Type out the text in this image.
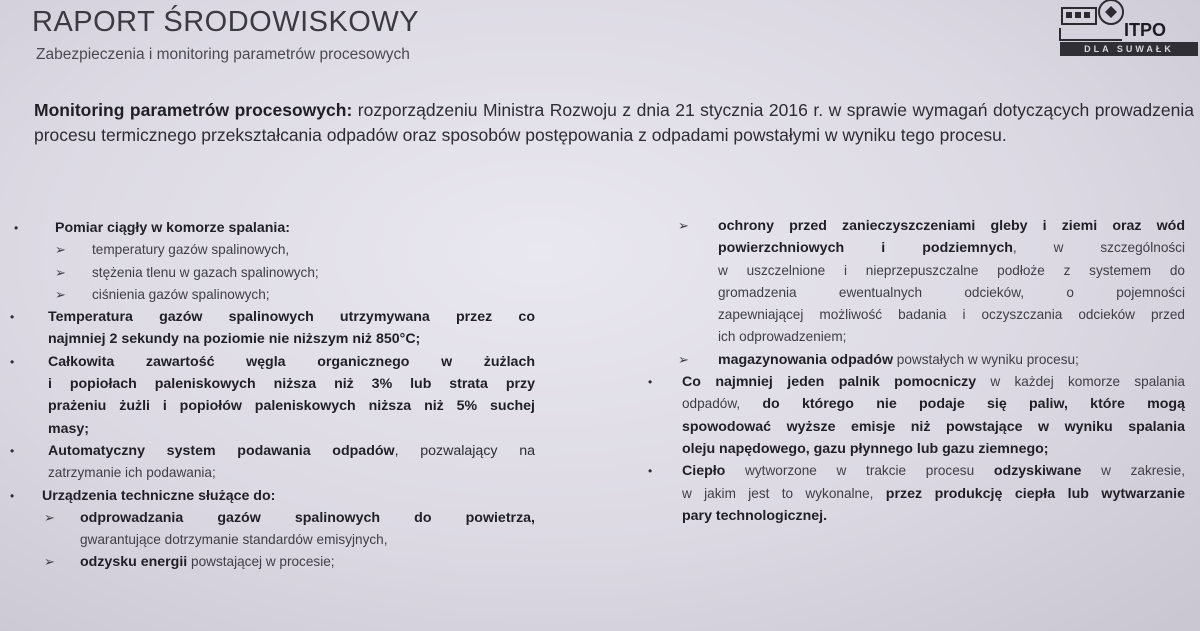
RAPORT ŚRODOWISKOWY
Zabezpieczenia i monitoring parametrów procesowych
ITPO
DLA SUWAŁK
Monitoring parametrów procesowych: rozporządzeniu Ministra Rozwoju z dnia 21 stycznia 2016 r. w sprawie wymagań dotyczących prowadzenia procesu termicznego przekształcania odpadów oraz sposobów postępowania z odpadami powstałymi w wyniku tego procesu.
•	Pomiar ciągły w komorze spalania:
➢	temperatury gazów spalinowych,
➢	stężenia tlenu w gazach spalinowych;
➢	ciśnienia gazów spalinowych;
•	Temperatura gazów spalinowych utrzymywana przez co
najmniej 2 sekundy na poziomie nie niższym niż 850°C;
•	Całkowita zawartość węgla organicznego w żużlach
i popiołach paleniskowych niższa niż 3% lub strata przy
prażeniu żużli i popiołów paleniskowych niższa niż 5% suchej
masy;
•	Automatyczny system podawania odpadów, pozwalający na
zatrzymanie ich podawania;
•	Urządzenia techniczne służące do:
➢	odprowadzania gazów spalinowych do powietrza,
gwarantujące dotrzymanie standardów emisyjnych,
➢	odzysku energii powstającej w procesie;
➢	ochrony przed zanieczyszczeniami gleby i ziemi oraz wód
powierzchniowych i podziemnych, w szczególności
w uszczelnione i nieprzepuszczalne podłoże z systemem do
gromadzenia ewentualnych odcieków, o pojemności
zapewniającej możliwość badania i oczyszczania odcieków przed
ich odprowadzeniem;
➢	magazynowania odpadów powstałych w wyniku procesu;
•	Co najmniej jeden palnik pomocniczy w każdej komorze spalania
odpadów, do którego nie podaje się paliw, które mogą
spowodować wyższe emisje niż powstające w wyniku spalania
oleju napędowego, gazu płynnego lub gazu ziemnego;
•	Ciepło wytworzone w trakcie procesu odzyskiwane w zakresie,
w jakim jest to wykonalne, przez produkcję ciepła lub wytwarzanie
pary technologicznej.
